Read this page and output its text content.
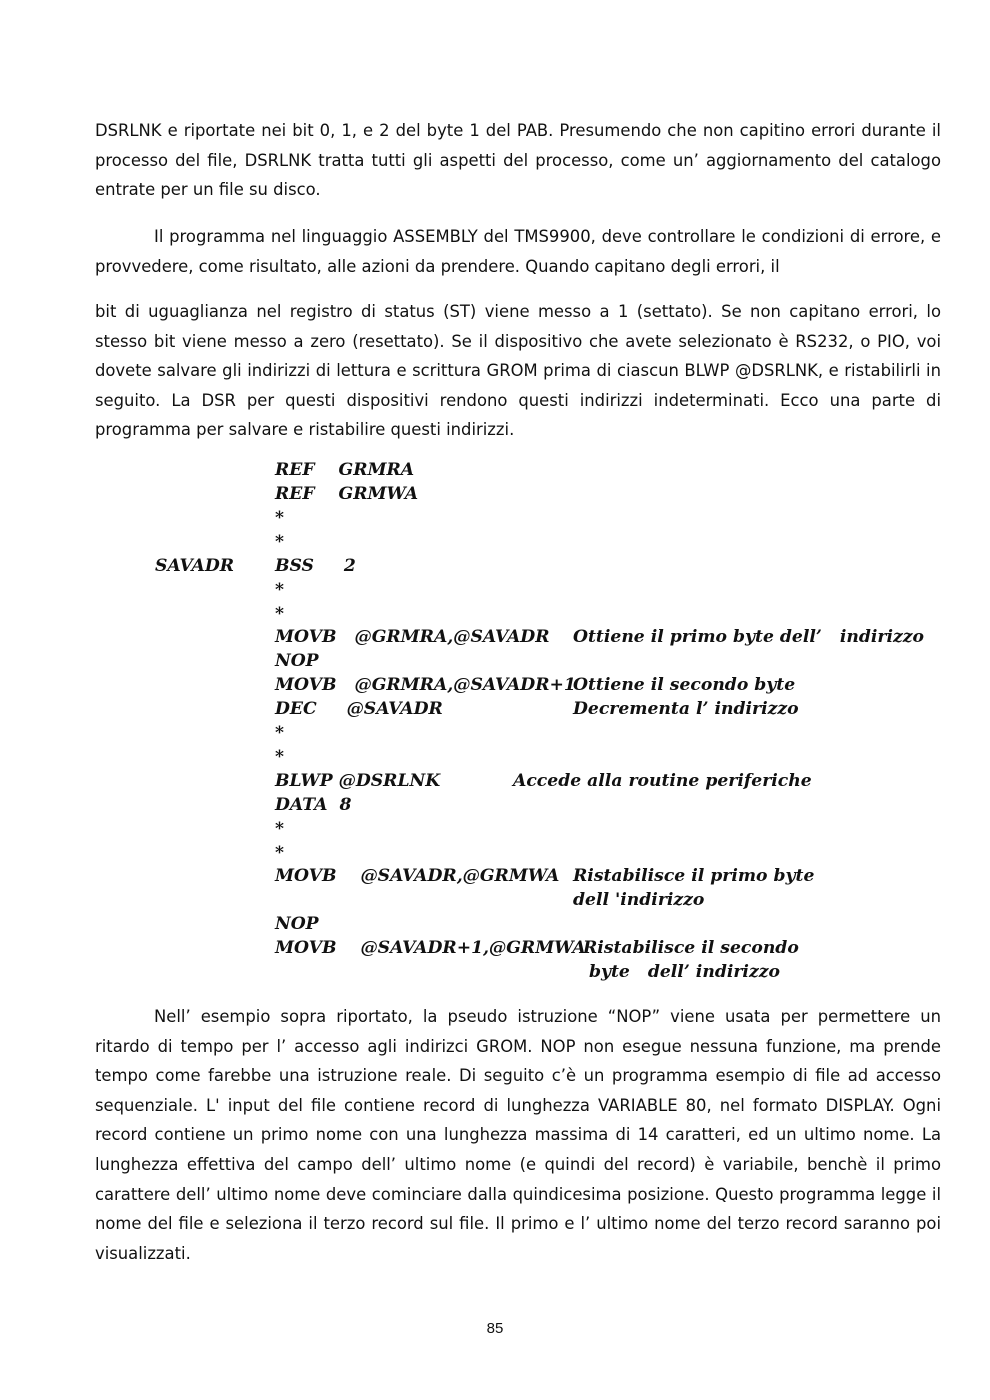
DSRLNK e riportate nei bit 0, 1, e 2 del byte 1 del PAB. Presumendo che non capitino errori durante il processo del file, DSRLNK tratta tutti gli aspetti del processo, come un’ aggiornamento del catalogo entrate per un file su disco.

Il programma nel linguaggio ASSEMBLY del TMS9900, deve controllare le condizioni di errore, e provvedere, come risultato, alle azioni da prendere. Quando capitano degli errori, il

bit di uguaglianza nel registro di status (ST) viene messo a 1 (settato). Se non capitano errori, lo stesso bit viene messo a zero (resettato). Se il dispositivo che avete selezionato è RS232, o PIO, voi dovete salvare gli indirizzi di lettura e scrittura GROM prima di ciascun BLWP @DSRLNK, e ristabilirli in seguito. La DSR per questi dispositivi rendono questi indirizzi indeterminati. Ecco una parte di programma per salvare e ristabilire questi indirizzi.

REF    GRMRA
REF    GRMWA
*
*
SAVADR BSS     2
*
*
MOVB   @GRMRA,@SAVADR Ottiene il primo byte dell’   indirizzo
NOP
MOVB   @GRMRA,@SAVADR+1
Ottiene il secondo byte
DEC     @SAVADR	Decrementa l’ indirizzo
*
*
BLWP @DSRLNK	Accede alla routine periferiche
DATA  8
*
*
MOVB    @SAVADR,@GRMWA Ristabilisce il primo byte
dell 'indirizzo
NOP
MOVB    @SAVADR+1,@GRMWA
Ristabilisce il secondo
byte   dell’ indirizzo

Nell’ esempio sopra riportato, la pseudo istruzione “NOP” viene usata per permettere un ritardo di tempo per l’ accesso agli indirizci GROM. NOP non esegue nessuna funzione, ma prende tempo come farebbe una istruzione reale. Di seguito c’è un programma esempio di file ad accesso sequenziale. L' input del file contiene record di lunghezza VARIABLE 80, nel formato DISPLAY. Ogni record contiene un primo nome con una lunghezza massima di 14 caratteri, ed un ultimo nome. La lunghezza effettiva del campo dell’ ultimo nome (e quindi del record) è variabile, benchè il primo carattere dell’ ultimo nome deve cominciare dalla quindicesima posizione. Questo programma legge il nome del file e seleziona il terzo record sul file. Il primo e l’ ultimo nome del terzo record saranno poi visualizzati.

85
